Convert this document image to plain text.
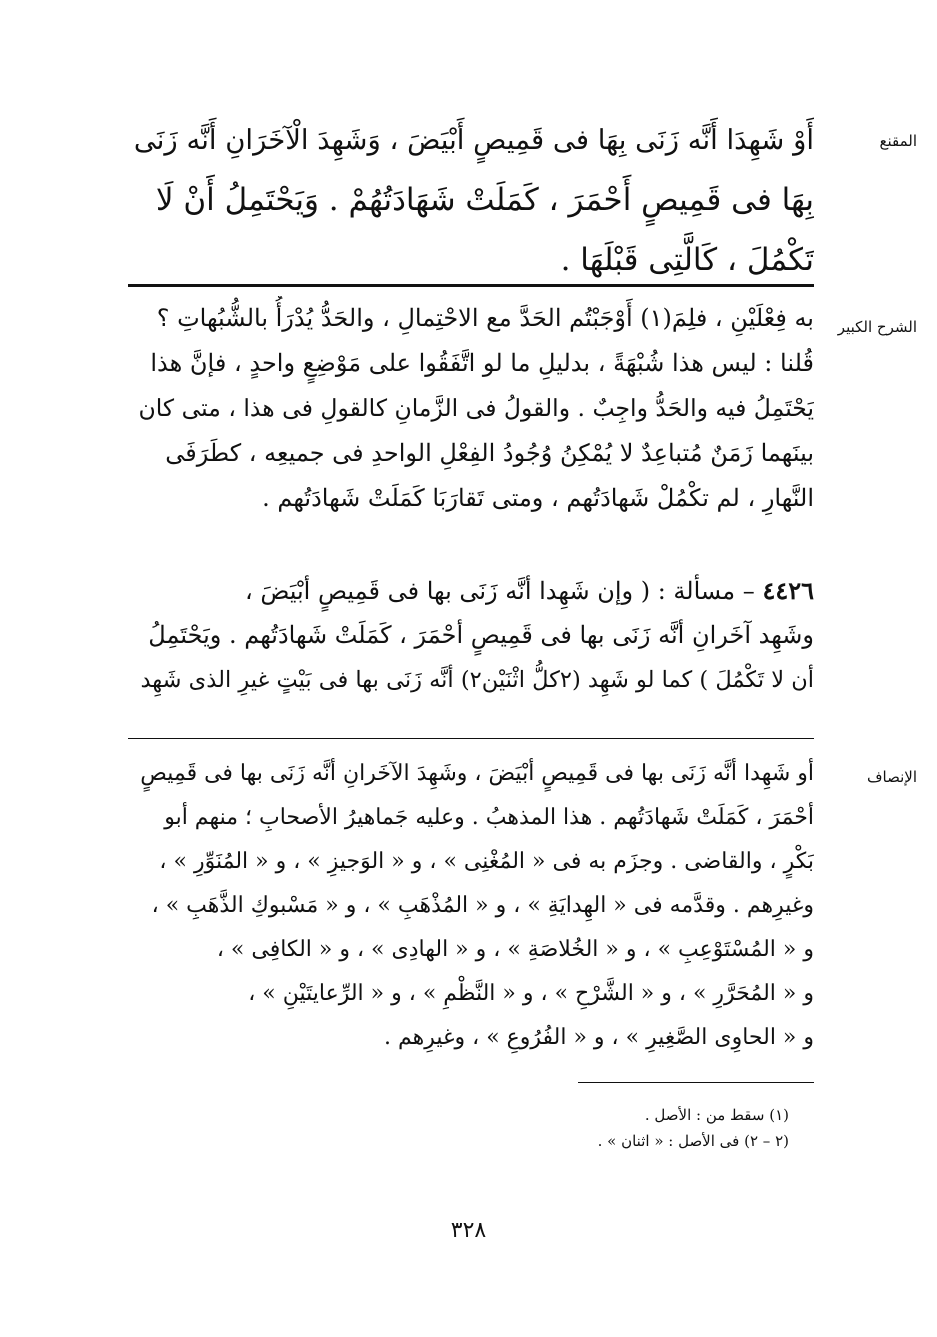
المقنع
أَوْ شَهِدَا أَنَّه زَنَى بِهَا فى قَمِيصٍ أَبْيَضَ ، وَشَهِدَ الْآخَرَانِ أَنَّه زَنَى
بِهَا فى قَمِيصٍ أَحْمَرَ ، كَمَلَتْ شَهَادَتُهُمْ . وَيَحْتَمِلُ أَنْ لَا
تَكْمُلَ ، كَالَّتِى قَبْلَهَا .
الشرح الكبير
به فِعْلَيْنِ ، فلِمَ(١) أَوْجَبْتُم الحَدَّ مع الاحْتِمالِ ، والحَدُّ يُدْرَأُ بالشُّبُهاتِ ؟
قُلنا : ليس هذا شُبْهَةً ، بدليلِ ما لو اتَّفَقُوا على مَوْضِعٍ واحدٍ ، فإنَّ هذا
يَحْتَمِلُ فيه والحَدُّ واجِبٌ . والقولُ فى الزَّمانِ كالقولِ فى هذا ، متى كان
بينَهما زَمَنٌ مُتباعِدٌ لا يُمْكِنُ وُجُودُ الفِعْلِ الواحدِ فى جميعِه ، كطَرَفَى
النَّهارِ ، لم تكْمُلْ شَهادَتُهم ، ومتى تَقارَبَا كَمَلَتْ شَهادَتُهم .
٤٤٢٦ – مسألة : ( وإن شَهِدا أنَّه زَنَى بها فى قَمِيصٍ أبْيَضَ ،
وشَهِد آخَرانِ أنَّه زَنَى بها فى قَمِيصٍ أحْمَرَ ، كَمَلَتْ شَهادَتُهم . ويَحْتَمِلُ
أن لا تَكْمُلَ ) كما لو شَهِد (٢كلُّ اثْنَيْن٢) أنَّه زَنَى بها فى بَيْتٍ غيرِ الذى شَهِد
الإنصاف
أو شَهِدا أنَّه زَنَى بها فى قَمِيصٍ أبْيَضَ ، وشَهِدَ الآخَرانِ أنَّه زَنَى بها فى قَمِيصٍ
أحْمَرَ ، كَمَلَتْ شَهادَتُهم . هذا المذهبُ . وعليه جَماهيرُ الأصحابِ ؛ منهم أبو
بَكْرٍ ، والقاضى . وجزَم به فى « المُغْنِى » ، و « الوَجيزِ » ، و « المُنَوِّرِ » ،
وغيرِهم . وقدَّمه فى « الهِدايَةِ » ، و « المُذْهَبِ » ، و « مَسْبوكِ الذَّهَبِ » ،
و « المُسْتَوْعِبِ » ، و « الخُلاصَةِ » ، و « الهادِى » ، و « الكافِى » ،
و « المُحَرَّرِ » ، و « الشَّرْحِ » ، و « النَّظْمِ » ، و « الرِّعايتَيْنِ » ،
و « الحاوِى الصَّغِيرِ » ، و « الفُرُوعِ » ، وغيرِهم .
(١) سقط من : الأصل .
(٢ – ٢) فى الأصل : « اثنان » .
٣٢٨
